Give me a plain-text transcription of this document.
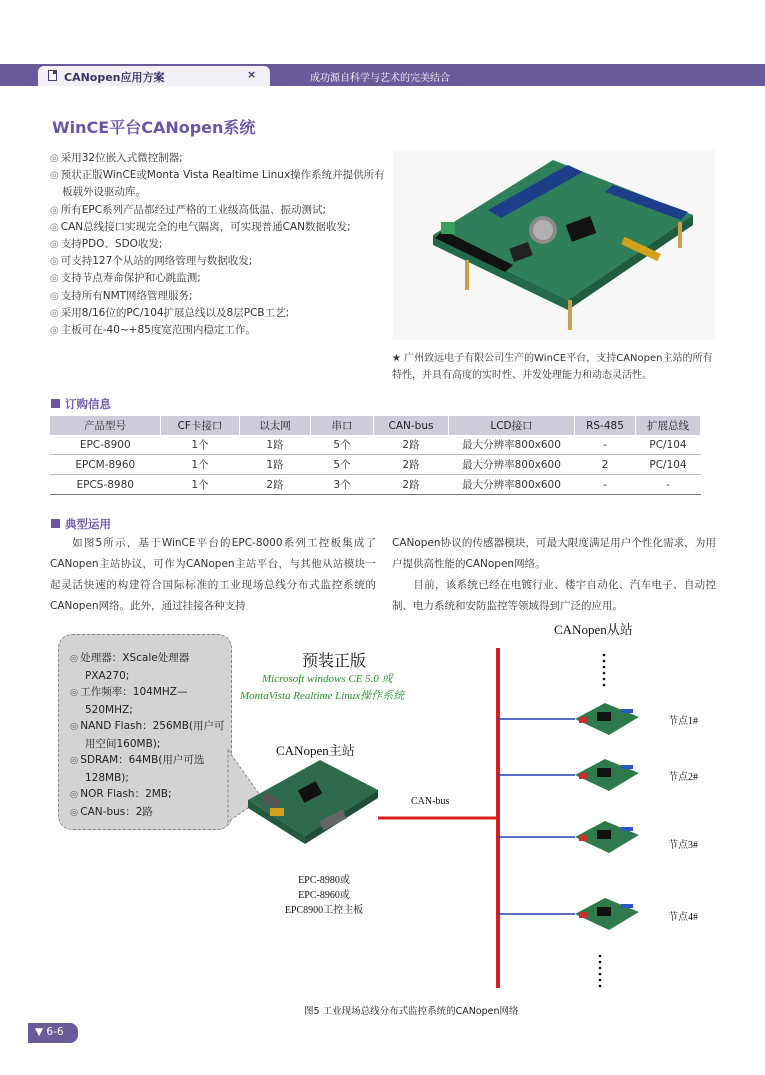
CANopen应用方案	×	成功源自科学与艺术的完美结合
WinCE平台CANopen系统
◎ 采用32位嵌入式微控制器;
◎ 预状正版WinCE或Monta Vista Realtime Linux操作系统并提供所有板载外设驱动库。
◎ 所有EPC系列产品都经过严格的工业级高低温、振动测试;
◎ CAN总线接口实现完全的电气隔离，可实现普通CAN数据收发;
◎ 支持PDO、SDO收发;
◎ 可支持127个从站的网络管理与数据收发;
◎ 支持节点寿命保护和心跳监测;
◎ 支持所有NMT网络管理服务;
◎ 采用8/16位的PC/104扩展总线以及8层PCB工艺;
◎ 主板可在-40~+85度宽范围内稳定工作。
★ 广州致远电子有限公司生产的WinCE平台，支持CANopen主站的所有特性，并具有高度的实时性、并发处理能力和动态灵活性。
订购信息
产品型号	CF卡接口	以太网	串口	CAN-bus	LCD接口	RS-485	扩展总线
EPC-8900	1个	1路	5个	2路	最大分辨率800x600	-	PC/104
EPCM-8960	1个	1路	5个	2路	最大分辨率800x600	2	PC/104
EPCS-8980	1个	2路	3个	2路	最大分辨率800x600	-	-
典型运用
如图5所示，基于WinCE平台的EPC-8000系列工控板集成了CANopen主站协议，可作为CANopen主站平台，与其他从站模块一起灵活快速的构建符合国际标准的工业现场总线分布式监控系统的CANopen网络。此外，通过挂接各种支持
CANopen协议的传感器模块，可最大限度满足用户个性化需求，为用户提供高性能的CANopen网络。
目前，该系统已经在电镀行业、楼宇自动化、汽车电子、自动控制、电力系统和安防监控等领域得到广泛的应用。
◎ 处理器：XScale处理器PXA270;
◎ 工作频率：104MHZ—520MHZ;
◎ NAND Flash：256MB(用户可用空间160MB);
◎ SDRAM：64MB(用户可选128MB);
◎ NOR Flash：2MB;
◎ CAN-bus：2路
预装正版
Microsoft windows CE 5.0 或
MontaVista Realtime Linux操作系统
CANopen主站
CANopen从站
CAN-bus
EPC-8980或
EPC-8960或
EPC8900工控主板
节点1#
节点2#
节点3#
节点4#
图5 工业现场总线分布式监控系统的CANopen网络
▼ 6-6
